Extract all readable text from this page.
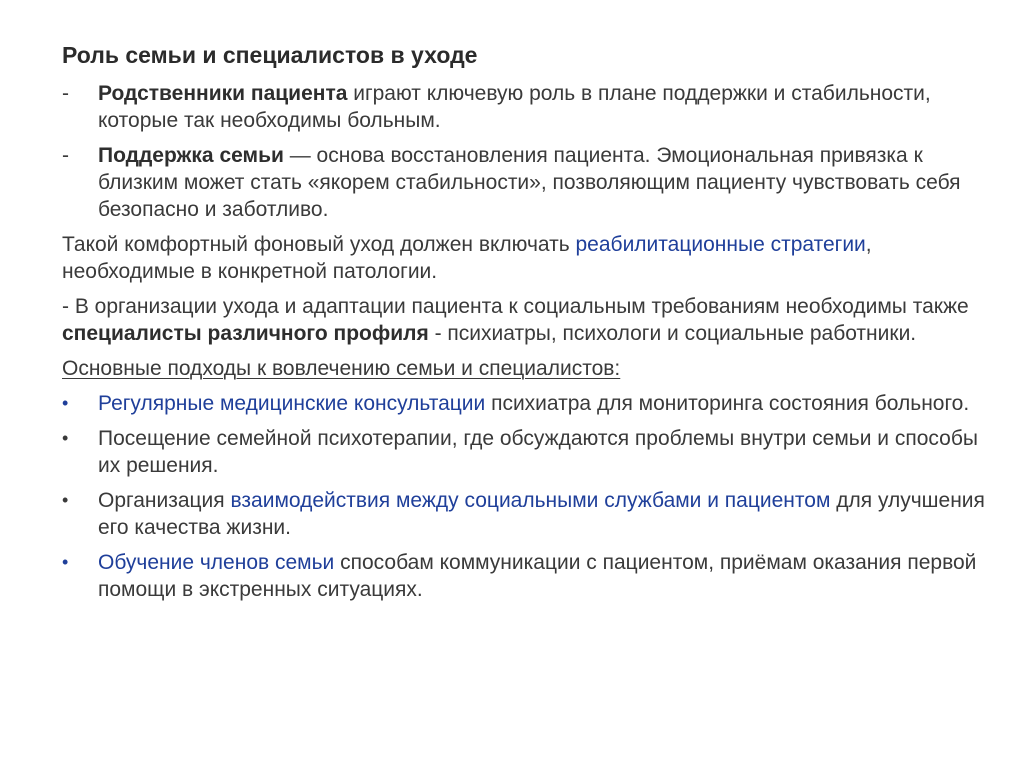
Роль семьи и специалистов в уходе
-	Родственники пациента играют ключевую роль в плане поддержки и стабильности, которые так необходимы больным.
-	Поддержка семьи — основа восстановления пациента. Эмоциональная привязка к близким может стать «якорем стабильности», позволяющим пациенту чувствовать себя безопасно и заботливо.
Такой комфортный фоновый уход должен включать реабилитационные стратегии, необходимые в конкретной патологии.
- В организации ухода и адаптации пациента к социальным требованиям необходимы также специалисты различного профиля - психиатры, психологи и социальные работники.
Основные подходы к вовлечению семьи и специалистов:
•	Регулярные медицинские консультации психиатра для мониторинга состояния больного.
•	Посещение семейной психотерапии, где обсуждаются проблемы внутри семьи и способы их решения.
•	Организация взаимодействия между социальными службами и пациентом для улучшения его качества жизни.
•	Обучение членов семьи способам коммуникации с пациентом, приёмам оказания первой помощи в экстренных ситуациях.
